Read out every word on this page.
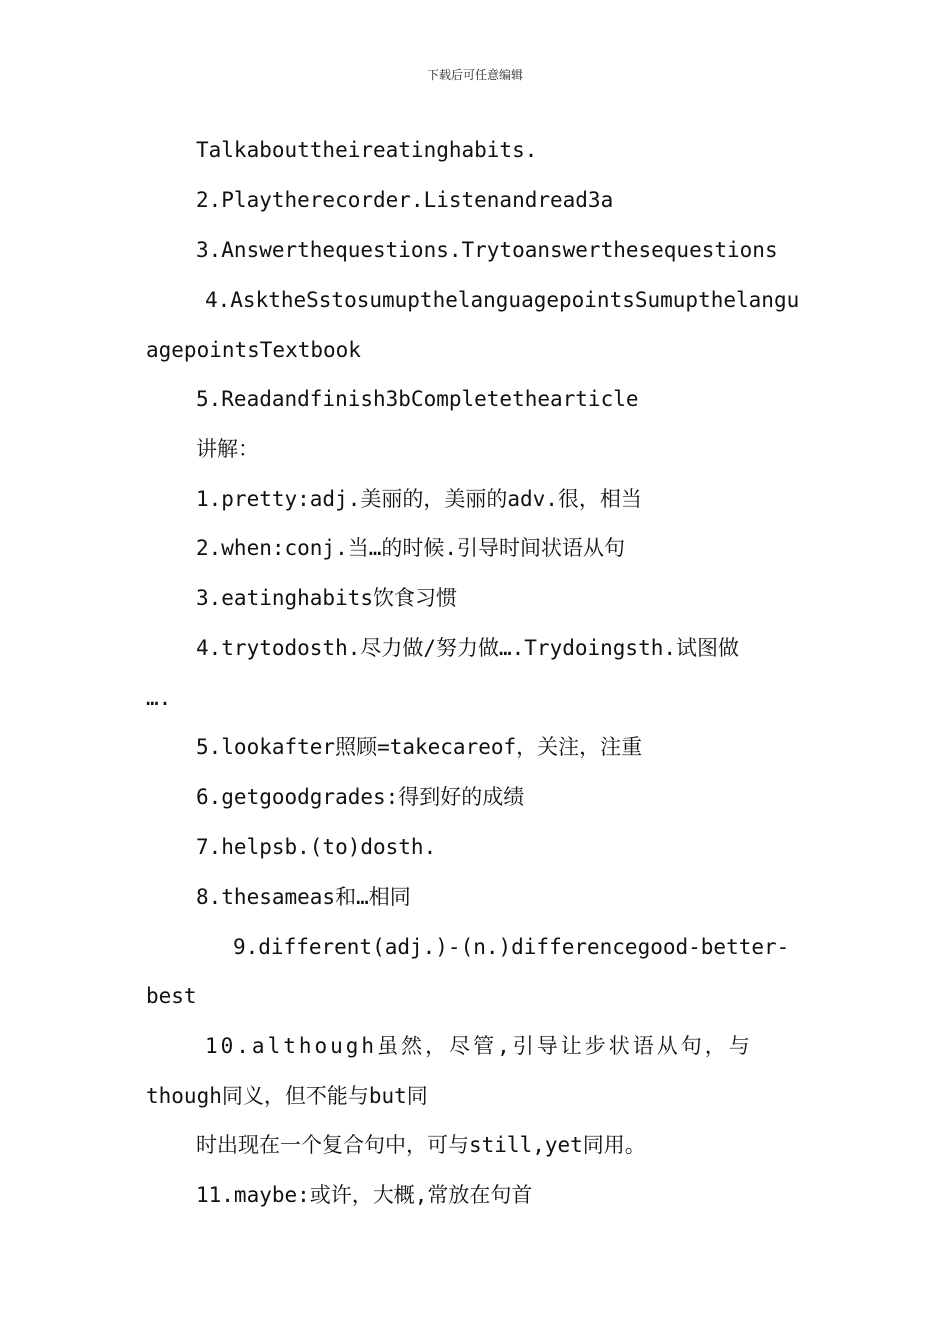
下载后可任意编辑
Talkabouttheireatinghabits.
2.Playtherecorder.Listenandread3a
3.Answerthequestions.Trytoanswerthesequestions
4.AsktheSstosumupthelanguagepointsSumupthelangu
agepointsTextbook
5.Readandfinish3bCompletethearticle
讲解：
1.pretty:adj.美丽的，美丽的adv.很，相当
2.when:conj.当…的时候.引导时间状语从句
3.eatinghabits饮食习惯
4.trytodosth.尽力做/努力做….Trydoingsth.试图做
….
5.lookafter照顾=takecareof，关注，注重
6.getgoodgrades:得到好的成绩
7.helpsb.(to)dosth.
8.thesameas和…相同
9.different(adj.)-(n.)differencegood‐better‐
best
10.although虽然，尽管,引导让步状语从句，与
though同义，但不能与but同
时出现在一个复合句中，可与still,yet同用。
11.maybe:或许，大概,常放在句首
